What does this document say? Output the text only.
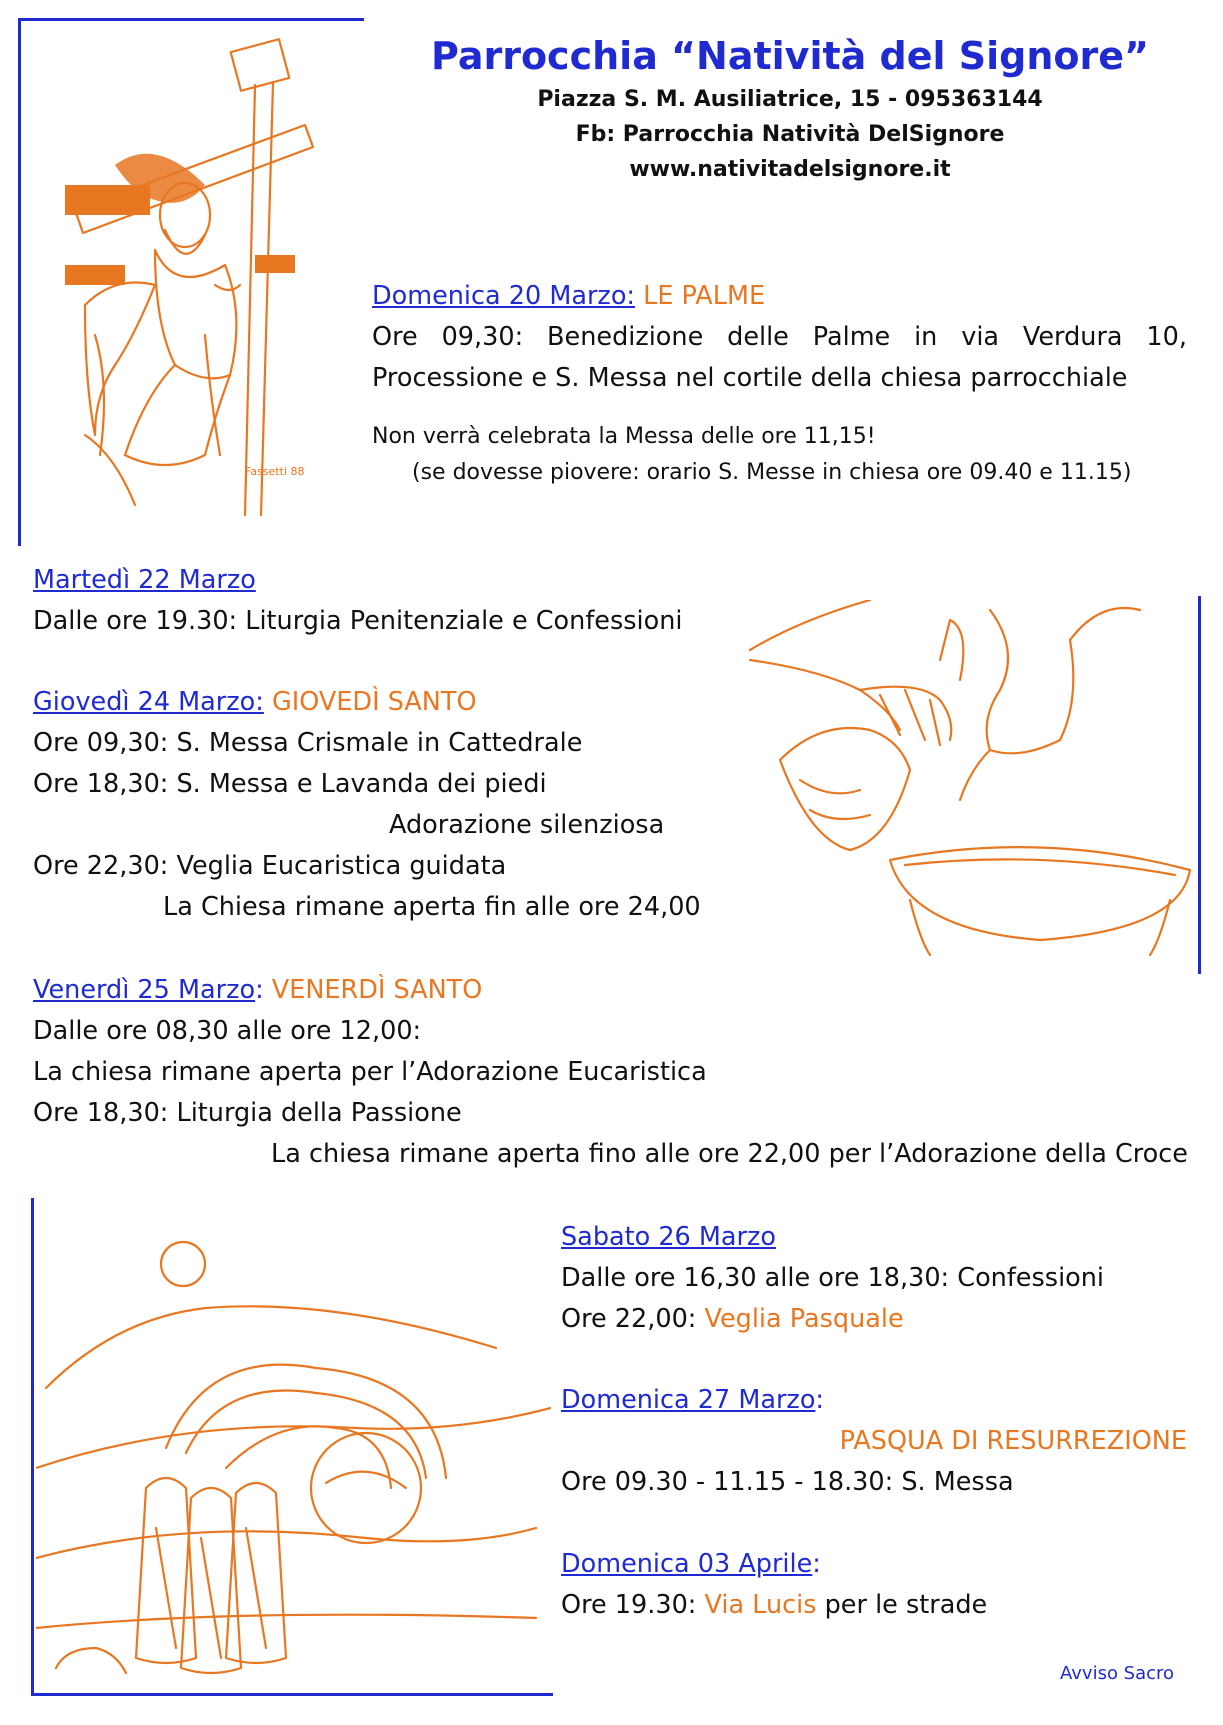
Fassetti 88
Parrocchia “Natività del Signore”
Piazza S. M. Ausiliatrice, 15 - 095363144
Fb: Parrocchia Natività DelSignore
www.nativitadelsignore.it
Domenica 20 Marzo: LE PALME
Ore 09,30: Benedizione delle Palme in via Verdura 10,
Processione e S. Messa nel cortile della chiesa parrocchiale
Non verrà celebrata la Messa delle ore 11,15!
(se dovesse piovere: orario S. Messe in chiesa ore 09.40 e 11.15)
Martedì 22 Marzo
Dalle ore 19.30: Liturgia Penitenziale e Confessioni
Giovedì 24 Marzo: GIOVEDÌ SANTO
Ore 09,30: S. Messa Crismale in Cattedrale
Ore 18,30: S. Messa e Lavanda dei piedi
Adorazione silenziosa
Ore 22,30: Veglia Eucaristica guidata
La Chiesa rimane aperta fin alle ore 24,00
Venerdì 25 Marzo: VENERDÌ SANTO
Dalle ore 08,30 alle ore 12,00:
La chiesa rimane aperta per l’Adorazione Eucaristica
Ore 18,30: Liturgia della Passione
La chiesa rimane aperta fino alle ore 22,00 per l’Adorazione della Croce
Sabato 26 Marzo
Dalle ore 16,30 alle ore 18,30: Confessioni
Ore 22,00: Veglia Pasquale
Domenica 27 Marzo:
PASQUA DI RESURREZIONE
Ore 09.30 - 11.15 - 18.30: S. Messa
Domenica 03 Aprile:
Ore 19.30: Via Lucis per le strade
Avviso Sacro
